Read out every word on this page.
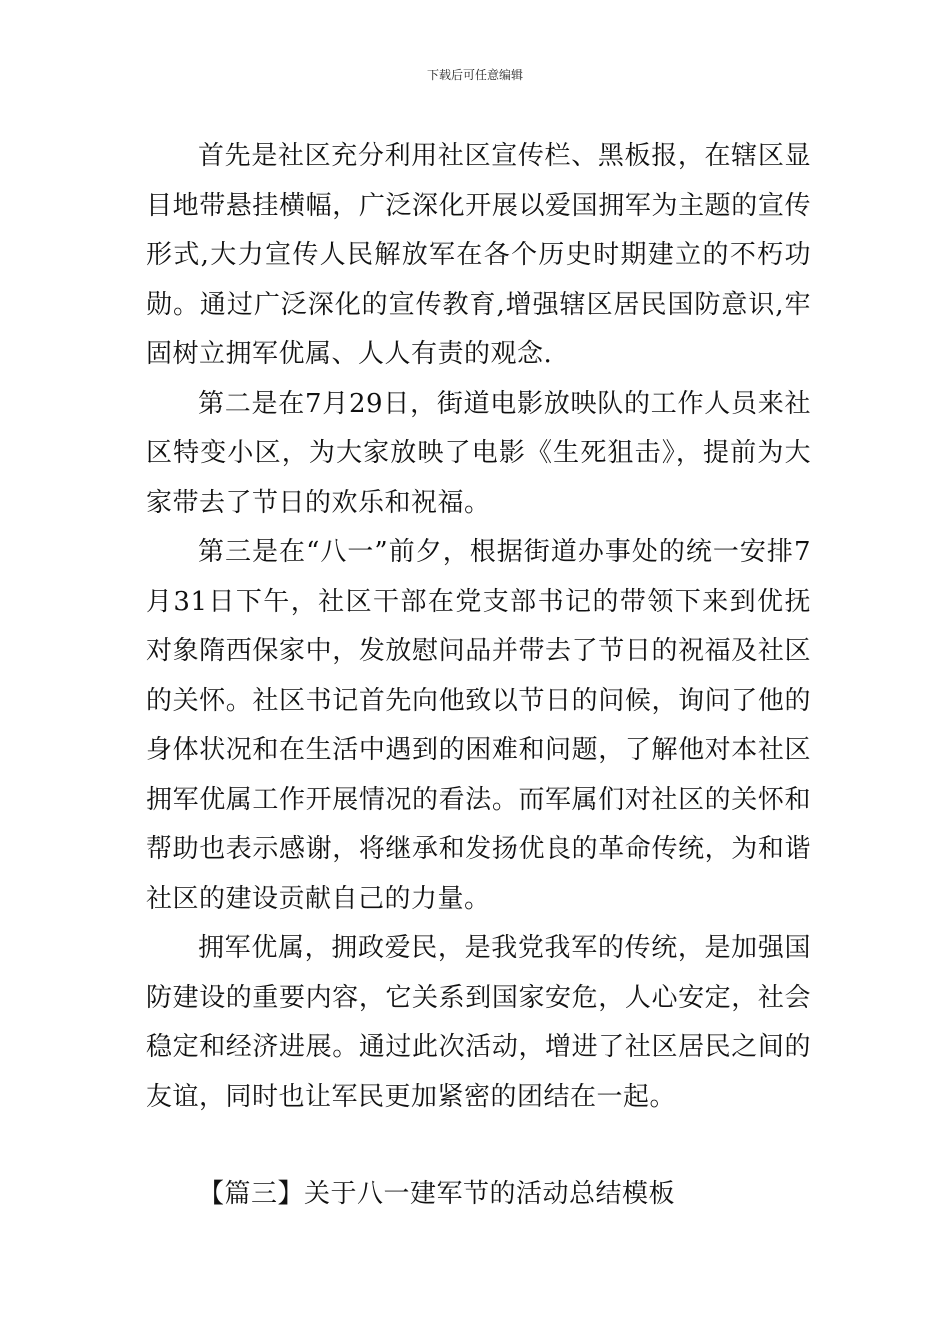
下载后可任意编辑

首先是社区充分利用社区宣传栏、黑板报，在辖区显目地带悬挂横幅，广泛深化开展以爱国拥军为主题的宣传形式,大力宣传人民解放军在各个历史时期建立的不朽功勋。通过广泛深化的宣传教育,增强辖区居民国防意识,牢固树立拥军优属、人人有责的观念.

第二是在7月29日，街道电影放映队的工作人员来社区特变小区，为大家放映了电影《生死狙击》，提前为大家带去了节日的欢乐和祝福。

第三是在“八一”前夕，根据街道办事处的统一安排7月31日下午，社区干部在党支部书记的带领下来到优抚对象隋西保家中，发放慰问品并带去了节日的祝福及社区的关怀。社区书记首先向他致以节日的问候，询问了他的身体状况和在生活中遇到的困难和问题，了解他对本社区拥军优属工作开展情况的看法。而军属们对社区的关怀和帮助也表示感谢，将继承和发扬优良的革命传统，为和谐社区的建设贡献自己的力量。

拥军优属，拥政爱民，是我党我军的传统，是加强国防建设的重要内容，它关系到国家安危，人心安定，社会稳定和经济进展。通过此次活动，增进了社区居民之间的友谊，同时也让军民更加紧密的团结在一起。

【篇三】关于八一建军节的活动总结模板
